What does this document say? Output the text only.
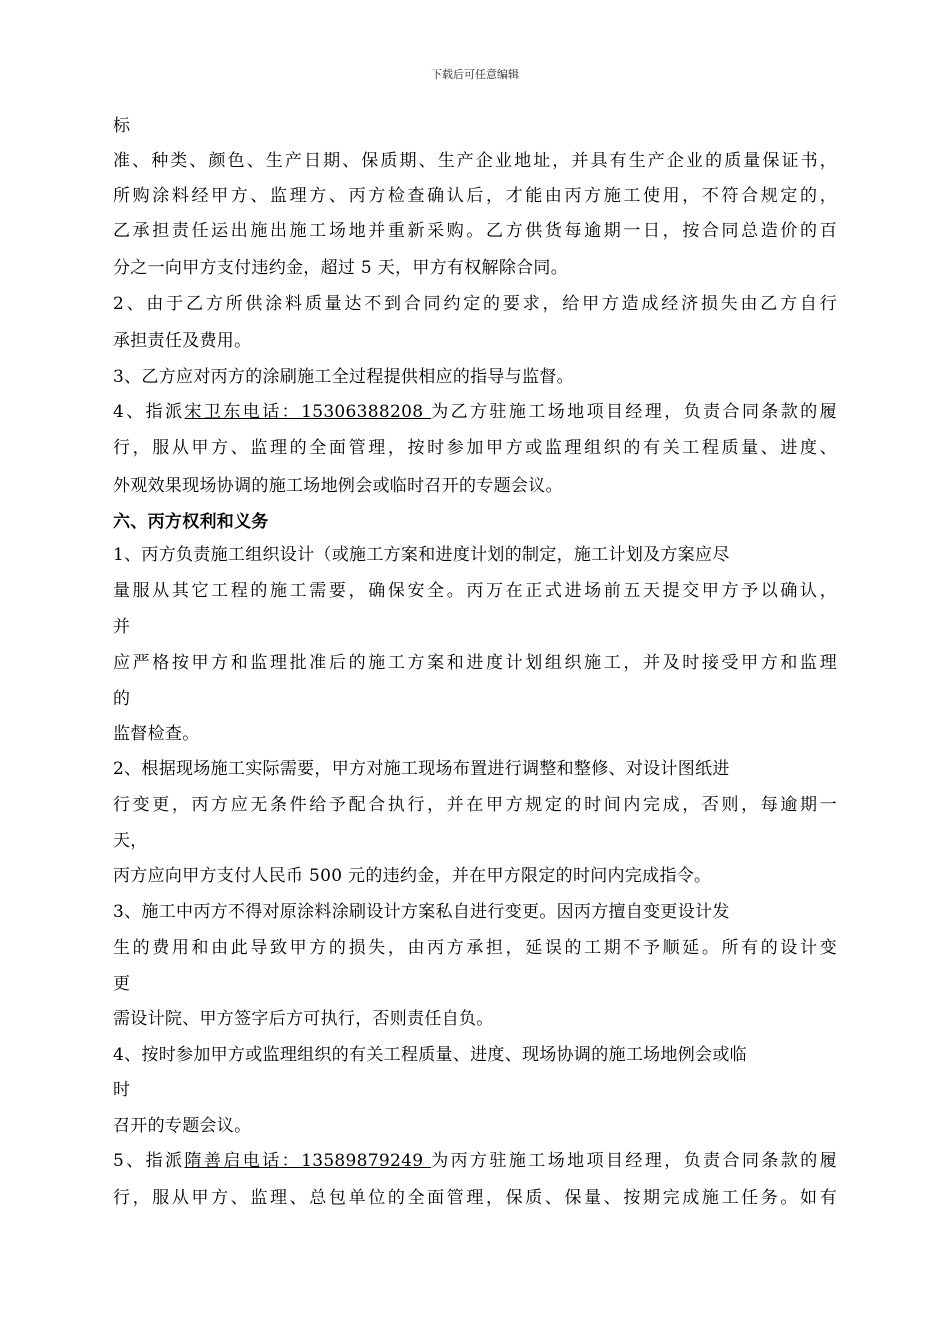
下载后可任意编辑
标
准、种类、颜色、生产日期、保质期、生产企业地址，并具有生产企业的质量保证书，
所购涂料经甲方、监理方、丙方检查确认后，才能由丙方施工使用，不符合规定的，
乙承担责任运出施出施工场地并重新采购。乙方供货每逾期一日，按合同总造价的百
分之一向甲方支付违约金，超过 5 天，甲方有权解除合同。
2、由于乙方所供涂料质量达不到合同约定的要求，给甲方造成经济损失由乙方自行
承担责任及费用。
3、乙方应对丙方的涂刷施工全过程提供相应的指导与监督。
4、指派宋卫东电话：15306388208 为乙方驻施工场地项目经理，负责合同条款的履
行，服从甲方、监理的全面管理，按时参加甲方或监理组织的有关工程质量、进度、
外观效果现场协调的施工场地例会或临时召开的专题会议。
六、丙方权利和义务
1、丙方负责施工组织设计（或施工方案和进度计划的制定，施工计划及方案应尽
量服从其它工程的施工需要，确保安全。丙万在正式进场前五天提交甲方予以确认，
并
应严格按甲方和监理批准后的施工方案和进度计划组织施工，并及时接受甲方和监理
的
监督检查。
2、根据现场施工实际需要，甲方对施工现场布置进行调整和整修、对设计图纸进
行变更，丙方应无条件给予配合执行，并在甲方规定的时间内完成，否则，每逾期一
天，
丙方应向甲方支付人民币 500 元的违约金，并在甲方限定的时问内完成指令。
3、施工中丙方不得对原涂料涂刷设计方案私自进行变更。因丙方擅自变更设计发
生的费用和由此导致甲方的损失，由丙方承担，延误的工期不予顺延。所有的设计变
更
需设计院、甲方签字后方可执行，否则责任自负。
4、按时参加甲方或监理组织的有关工程质量、进度、现场协调的施工场地例会或临
时
召开的专题会议。
5、指派隋善启电话：13589879249 为丙方驻施工场地项目经理，负责合同条款的履
行，服从甲方、监理、总包单位的全面管理，保质、保量、按期完成施工任务。如有
